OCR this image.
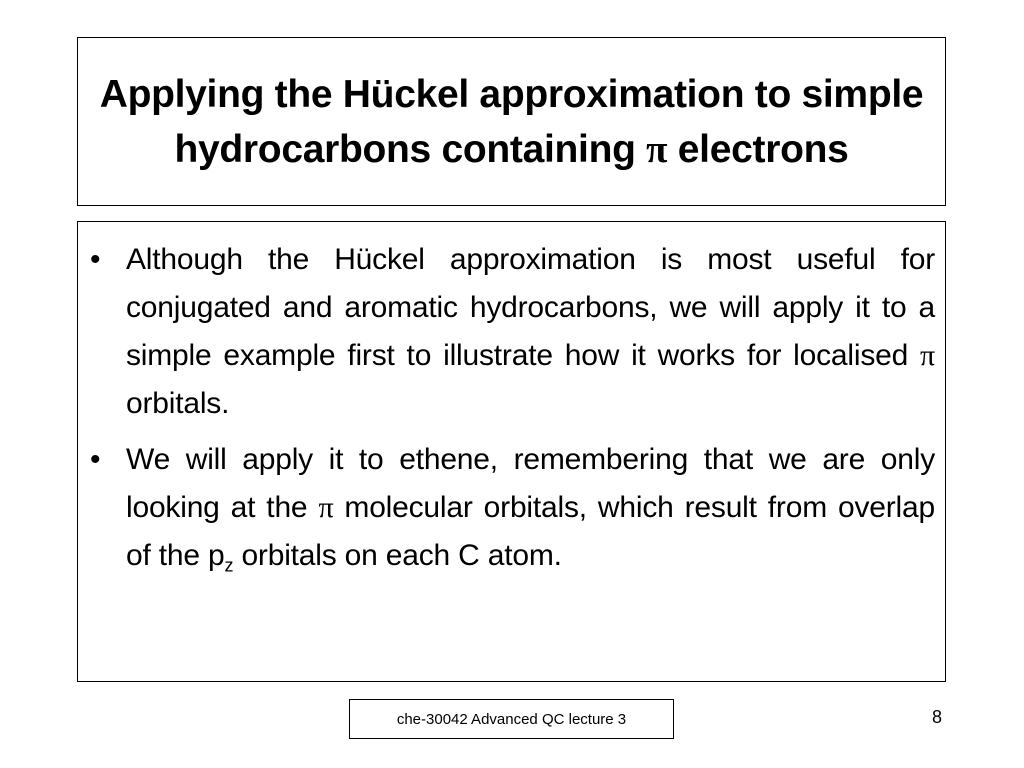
Applying the Hückel approximation to simple hydrocarbons containing π electrons
• Although the Hückel approximation is most useful for conjugated and aromatic hydrocarbons, we will apply it to a simple example first to illustrate how it works for localised π orbitals.
• We will apply it to ethene, remembering that we are only looking at the π molecular orbitals, which result from overlap of the $p_z$ orbitals on each C atom.
che-30042 Advanced QC lecture 3	8
